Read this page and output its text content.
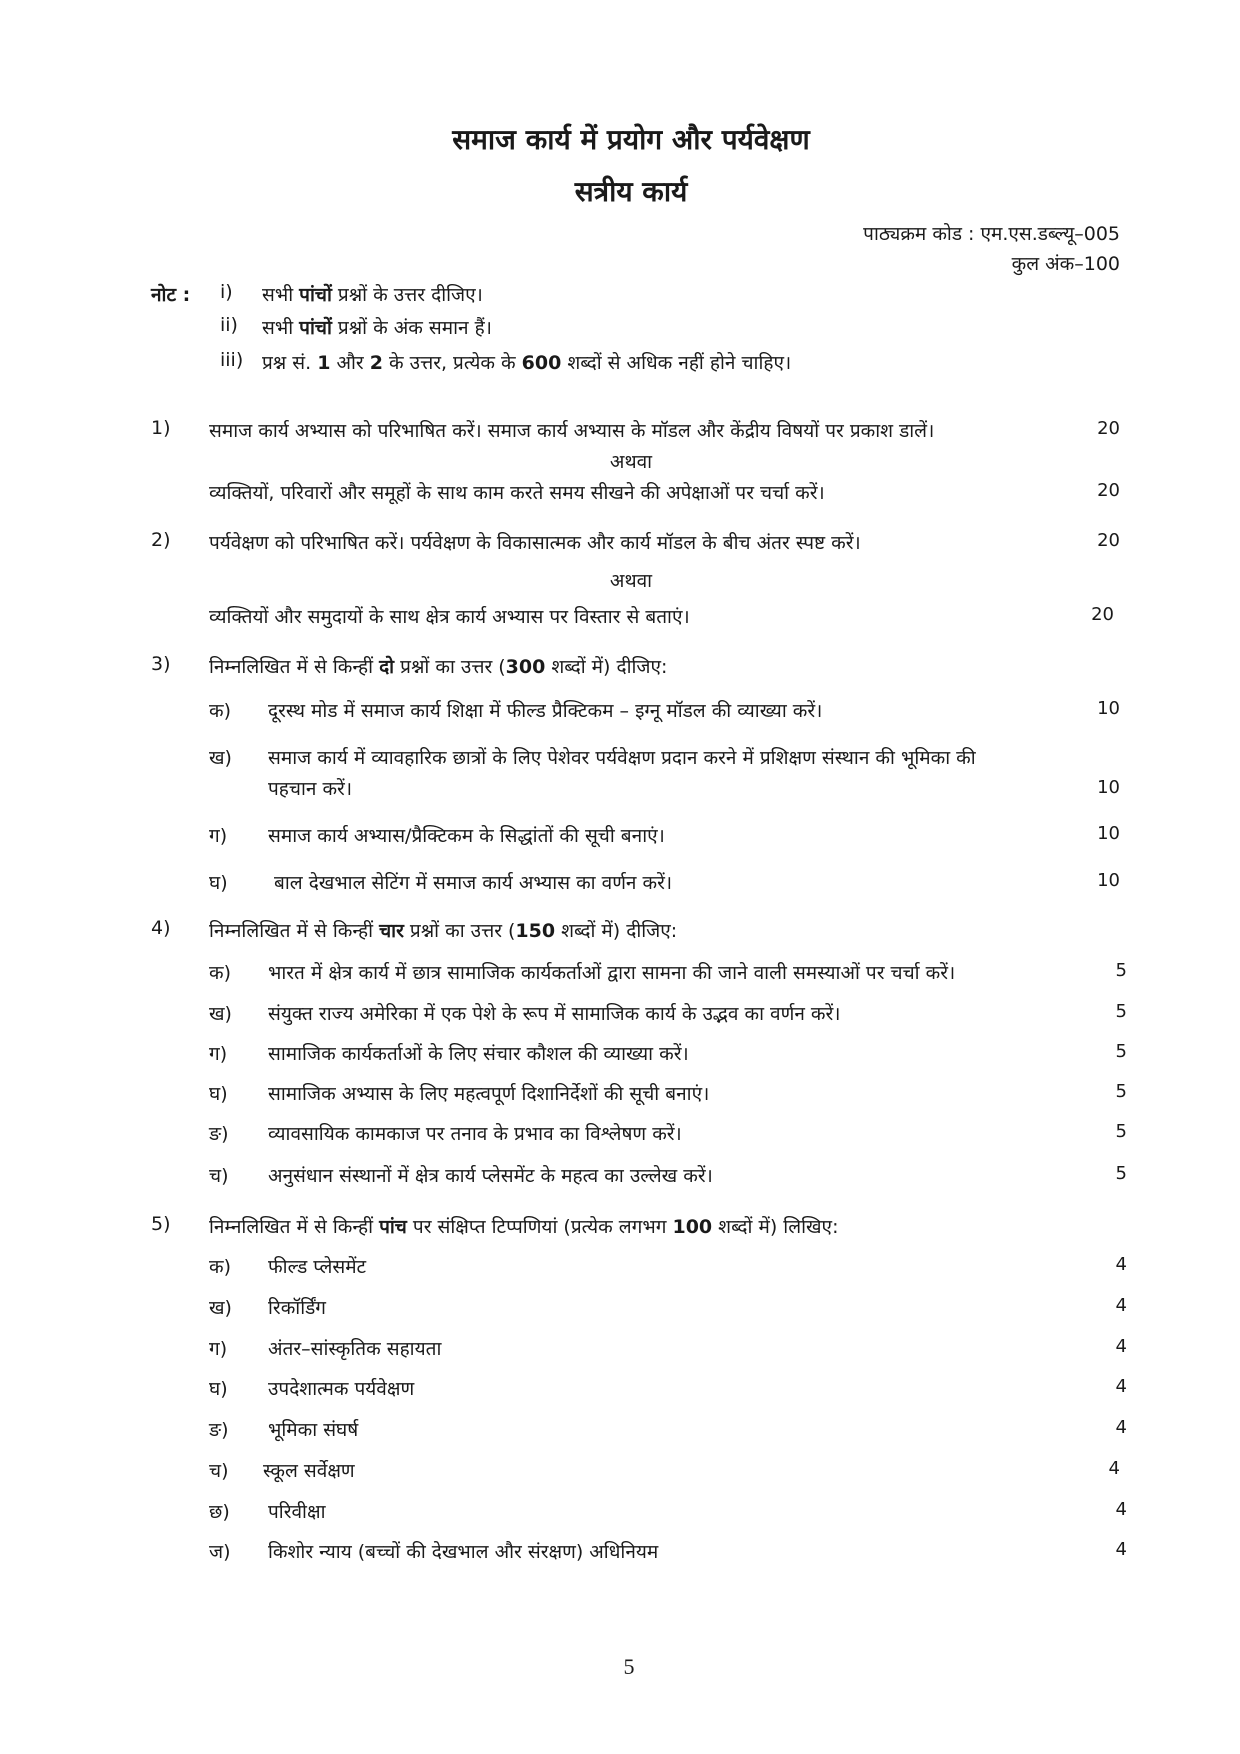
समाज कार्य में प्रयोग और पर्यवेक्षण
सत्रीय कार्य
पाठ्यक्रम कोड : एम.एस.डब्ल्यू–005
कुल अंक–100
नोट : i) सभी पांचों प्रश्नों के उत्तर दीजिए।
ii) सभी पांचों प्रश्नों के अंक समान हैं।
iii) प्रश्न सं. 1 और 2 के उत्तर, प्रत्येक के 600 शब्दों से अधिक नहीं होने चाहिए।
1) समाज कार्य अभ्यास को परिभाषित करें। समाज कार्य अभ्यास के मॉडल और केंद्रीय विषयों पर प्रकाश डालें।	20
अथवा
व्यक्तियों, परिवारों और समूहों के साथ काम करते समय सीखने की अपेक्षाओं पर चर्चा करें।	20
2) पर्यवेक्षण को परिभाषित करें। पर्यवेक्षण के विकासात्मक और कार्य मॉडल के बीच अंतर स्पष्ट करें।	20
अथवा
व्यक्तियों और समुदायों के साथ क्षेत्र कार्य अभ्यास पर विस्तार से बताएं।	20
3) निम्नलिखित में से किन्हीं दो प्रश्नों का उत्तर (300 शब्दों में) दीजिए:
क) दूरस्थ मोड में समाज कार्य शिक्षा में फील्ड प्रैक्टिकम – इग्नू मॉडल की व्याख्या करें।	10
ख) समाज कार्य में व्यावहारिक छात्रों के लिए पेशेवर पर्यवेक्षण प्रदान करने में प्रशिक्षण संस्थान की भूमिका की
पहचान करें।	10
ग) समाज कार्य अभ्यास/प्रैक्टिकम के सिद्धांतों की सूची बनाएं।	10
घ) बाल देखभाल सेटिंग में समाज कार्य अभ्यास का वर्णन करें।	10
4) निम्नलिखित में से किन्हीं चार प्रश्नों का उत्तर (150 शब्दों में) दीजिए:
क) भारत में क्षेत्र कार्य में छात्र सामाजिक कार्यकर्ताओं द्वारा सामना की जाने वाली समस्याओं पर चर्चा करें।	5
ख) संयुक्त राज्य अमेरिका में एक पेशे के रूप में सामाजिक कार्य के उद्भव का वर्णन करें।	5
ग) सामाजिक कार्यकर्ताओं के लिए संचार कौशल की व्याख्या करें।	5
घ) सामाजिक अभ्यास के लिए महत्वपूर्ण दिशानिर्देशों की सूची बनाएं।	5
ङ) व्यावसायिक कामकाज पर तनाव के प्रभाव का विश्लेषण करें।	5
च) अनुसंधान संस्थानों में क्षेत्र कार्य प्लेसमेंट के महत्व का उल्लेख करें।	5
5) निम्नलिखित में से किन्हीं पांच पर संक्षिप्त टिप्पणियां (प्रत्येक लगभग 100 शब्दों में) लिखिए:
क) फील्ड प्लेसमेंट	4
ख) रिकॉर्डिंग	4
ग) अंतर–सांस्कृतिक सहायता	4
घ) उपदेशात्मक पर्यवेक्षण	4
ङ) भूमिका संघर्ष	4
च) स्कूल सर्वेक्षण	4
छ) परिवीक्षा	4
ज) किशोर न्याय (बच्चों की देखभाल और संरक्षण) अधिनियम	4
5
